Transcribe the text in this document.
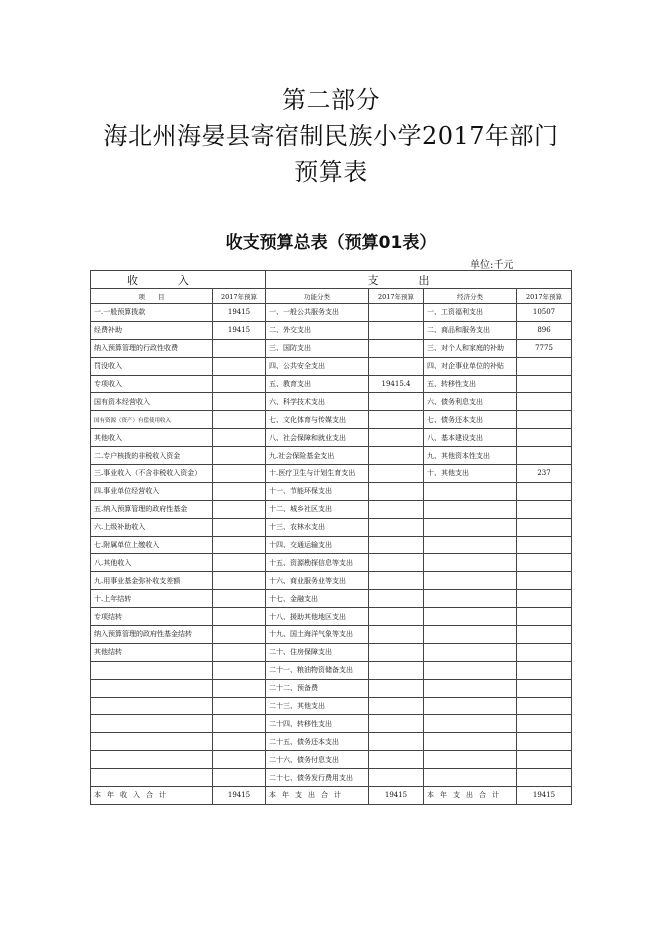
第二部分
海北州海晏县寄宿制民族小学2017年部门
预算表
收支预算总表（预算01表）
单位:千元
收入		支出			
项　　目	2017年预算	功能分类	2017年预算	经济分类	2017年预算
一.一般预算拨款	19415	一、一般公共服务支出		一、工资福利支出	10507
经费补助	19415	二、外交支出		二、商品和服务支出	896
纳入预算管理的行政性收费		三、国防支出		三、对个人和家庭的补助	7775
罚没收入		四、公共安全支出		四、对企事业单位的补贴	
专项收入		五、教育支出	19415.4	五、转移性支出	
国有资本经营收入		六、科学技术支出		六、债务利息支出	
国有资源（资产）有偿使用收入		七、文化体育与传媒支出		七、债务还本支出	
其他收入		八、社会保障和就业支出		八、基本建设支出	
二.专户核拨的非税收入资金		九.社会保险基金支出		九、其他资本性支出	
三.事业收入（不含非税收入资金）		十.医疗卫生与计划生育支出		十、其他支出	237
四.事业单位经营收入		十一、节能环保支出			
五.纳入预算管理的政府性基金		十二、城乡社区支出			
六.上级补助收入		十三、农林水支出			
七.附属单位上缴收入		十四、交通运输支出			
八.其他收入		十五、资源勘探信息等支出			
九.用事业基金弥补收支差额		十六、商业服务业等支出			
十.上年结转		十七、金融支出			
专项结转		十八、援助其他地区支出			
纳入预算管理的政府性基金结转		十九、国土海洋气象等支出			
其他结转		二十、住房保障支出			
		二十一、粮油物资储备支出			
		二十二、预备费			
		二十三、其他支出			
		二十四、转移性支出			
		二十五、债务还本支出			
		二十六、债务付息支出			
		二十七、债务发行费用支出			
本年收入合计	19415	本年支出合计	19415	本年支出合计	19415
